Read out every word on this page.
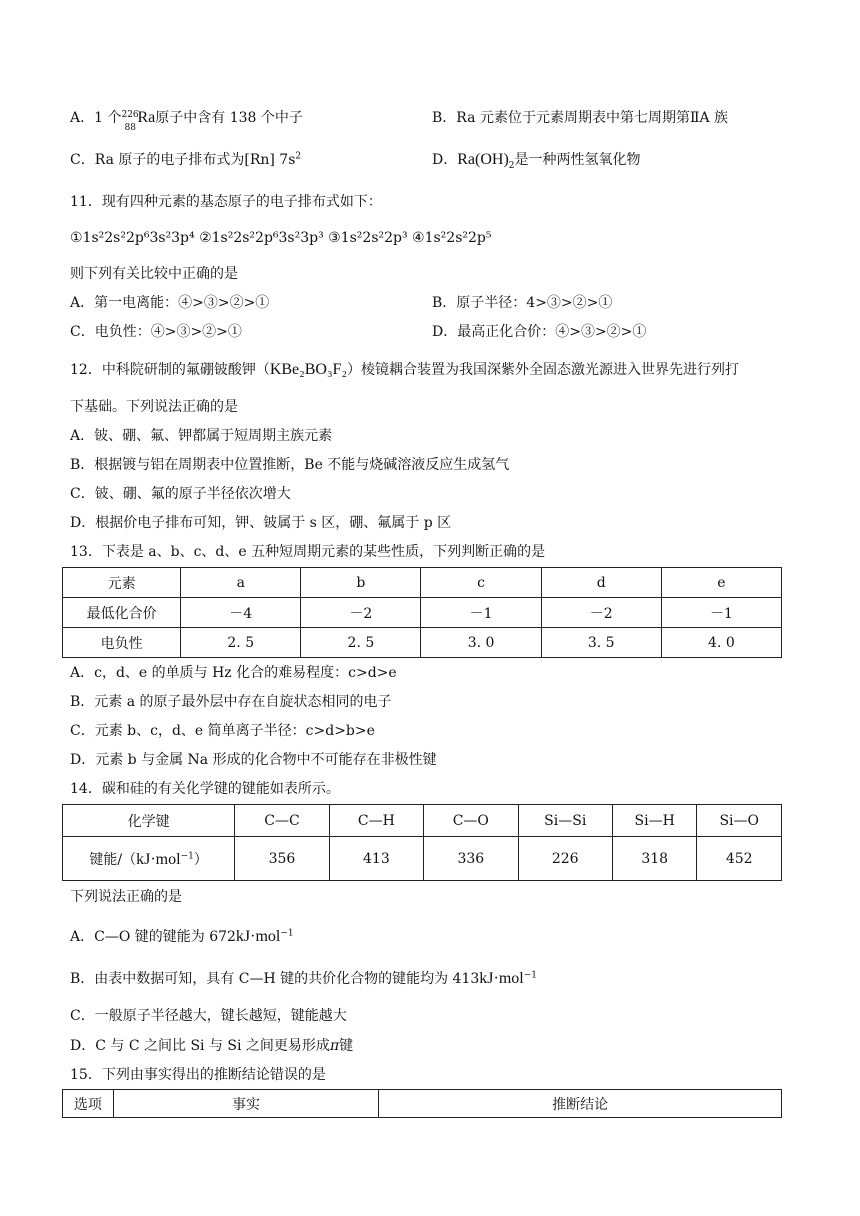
A．1 个 226
88
Ra原子中含有 138 个中子	B．Ra 元素位于元素周期表中第七周期第ⅡA 族
C．Ra 原子的电子排布式为[Rn] $7s^2$	D．$Ra(OH)_2$是一种两性氢氧化物
11．现有四种元素的基态原子的电子排布式如下：
①1s²2s²2p⁶3s²3p⁴ ②1s²2s²2p⁶3s²3p³ ③1s²2s²2p³ ④1s²2s²2p⁵
则下列有关比较中正确的是
A．第一电离能：④>③>②>①	B．原子半径：4>③>②>①
C．电负性：④>③>②>①	D．最高正化合价：④>③>②>①
12．中科院研制的氟硼铍酸钾（KBe₂BO₃F₂）棱镜耦合装置为我国深紫外全固态激光源进入世界先进行列打
下基础。下列说法正确的是
A．铍、硼、氟、钾都属于短周期主族元素
B．根据镀与铝在周期表中位置推断，Be 不能与烧碱溶液反应生成氢气
C．铍、硼、氟的原子半径依次增大
D．根据价电子排布可知，钾、铍属于 s 区，硼、氟属于 p 区
13．下表是 a、b、c、d、e 五种短周期元素的某些性质，下列判断正确的是
元素	a	b	c	d	e
最低化合价	－4	－2	－1	－2	－1
电负性	2. 5	2. 5	3. 0	3. 5	4. 0
A．c，d、e 的单质与 Hz 化合的难易程度：c>d>e
B．元素 a 的原子最外层中存在自旋状态相同的电子
C．元素 b、c，d、e 简单离子半径：c>d>b>e
D．元素 b 与金属 Na 形成的化合物中不可能存在非极性键
14．碳和硅的有关化学键的键能如表所示。
化学键	C—C	C—H	C—O	Si—Si	Si—H	Si—O
键能/（kJ·mol$^{-1}$）	356	413	336	226	318	452
下列说法正确的是
A．C—O 键的键能为 672kJ·mol$^{-1}$
B．由表中数据可知，具有 C—H 键的共价化合物的键能均为 413kJ·mol$^{-1}$
C．一般原子半径越大，键长越短，键能越大
D．C 与 C 之间比 Si 与 Si 之间更易形成π键
15．下列由事实得出的推断结论错误的是
选项	事实	推断结论
